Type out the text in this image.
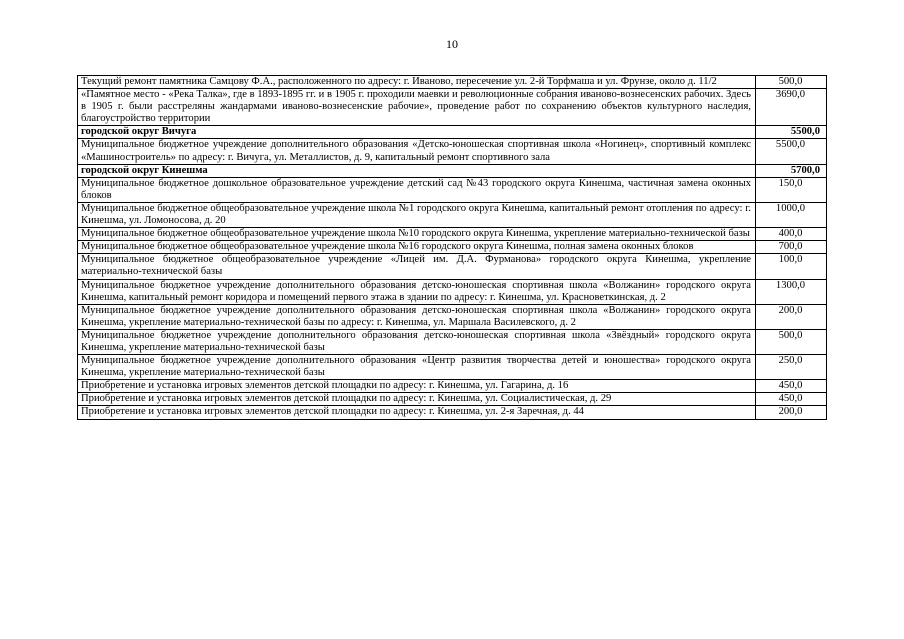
10
Текущий ремонт памятника Самцову Ф.А., расположенного по адресу: г. Иваново, пересечение ул. 2-й Торфмаша и ул. Фрунзе, около д. 11/2	500,0
«Памятное место - «Река Талка», где в 1893-1895 гг. и в 1905 г. проходили маевки и революционные собрания иваново-вознесенских рабочих. Здесь в 1905 г. были расстреляны жандармами иваново-вознесенские рабочие», проведение работ по сохранению объектов культурного наследия, благоустройство территории	3690,0
городской округ Вичуга	5500,0
Муниципальное бюджетное учреждение дополнительного образования «Детско-юношеская спортивная школа «Ногинец», спортивный комплекс «Машиностроитель» по адресу: г. Вичуга, ул. Металлистов, д. 9, капитальный ремонт спортивного зала	5500,0
городской округ Кинешма	5700,0
Муниципальное бюджетное дошкольное образовательное учреждение детский сад №43 городского округа Кинешма, частичная замена оконных блоков	150,0
Муниципальное бюджетное общеобразовательное учреждение школа №1 городского округа Кинешма, капитальный ремонт отопления по адресу: г. Кинешма, ул. Ломоносова, д. 20	1000,0
Муниципальное бюджетное общеобразовательное учреждение школа №10 городского округа Кинешма, укрепление материально-технической базы	400,0
Муниципальное бюджетное общеобразовательное учреждение школа №16 городского округа Кинешма, полная замена оконных блоков	700,0
Муниципальное бюджетное общеобразовательное учреждение «Лицей им. Д.А. Фурманова» городского округа Кинешма, укрепление материально-технической базы	100,0
Муниципальное бюджетное учреждение дополнительного образования детско-юношеская спортивная школа «Волжанин» городского округа Кинешма, капитальный ремонт коридора и помещений первого этажа в здании по адресу: г. Кинешма, ул. Красноветкинская, д. 2	1300,0
Муниципальное бюджетное учреждение дополнительного образования детско-юношеская спортивная школа «Волжанин» городского округа Кинешма, укрепление материально-технической базы по адресу: г. Кинешма, ул. Маршала Василевского, д. 2	200,0
Муниципальное бюджетное учреждение дополнительного образования детско-юношеская спортивная школа «Звёздный» городского округа Кинешма, укрепление материально-технической базы	500,0
Муниципальное бюджетное учреждение дополнительного образования «Центр развития творчества детей и юношества» городского округа Кинешма, укрепление материально-технической базы	250,0
Приобретение и установка игровых элементов детской площадки по адресу: г. Кинешма, ул. Гагарина, д. 16	450,0
Приобретение и установка игровых элементов детской площадки по адресу: г. Кинешма, ул. Социалистическая, д. 29	450,0
Приобретение и установка игровых элементов детской площадки по адресу: г. Кинешма, ул. 2-я Заречная, д. 44	200,0
